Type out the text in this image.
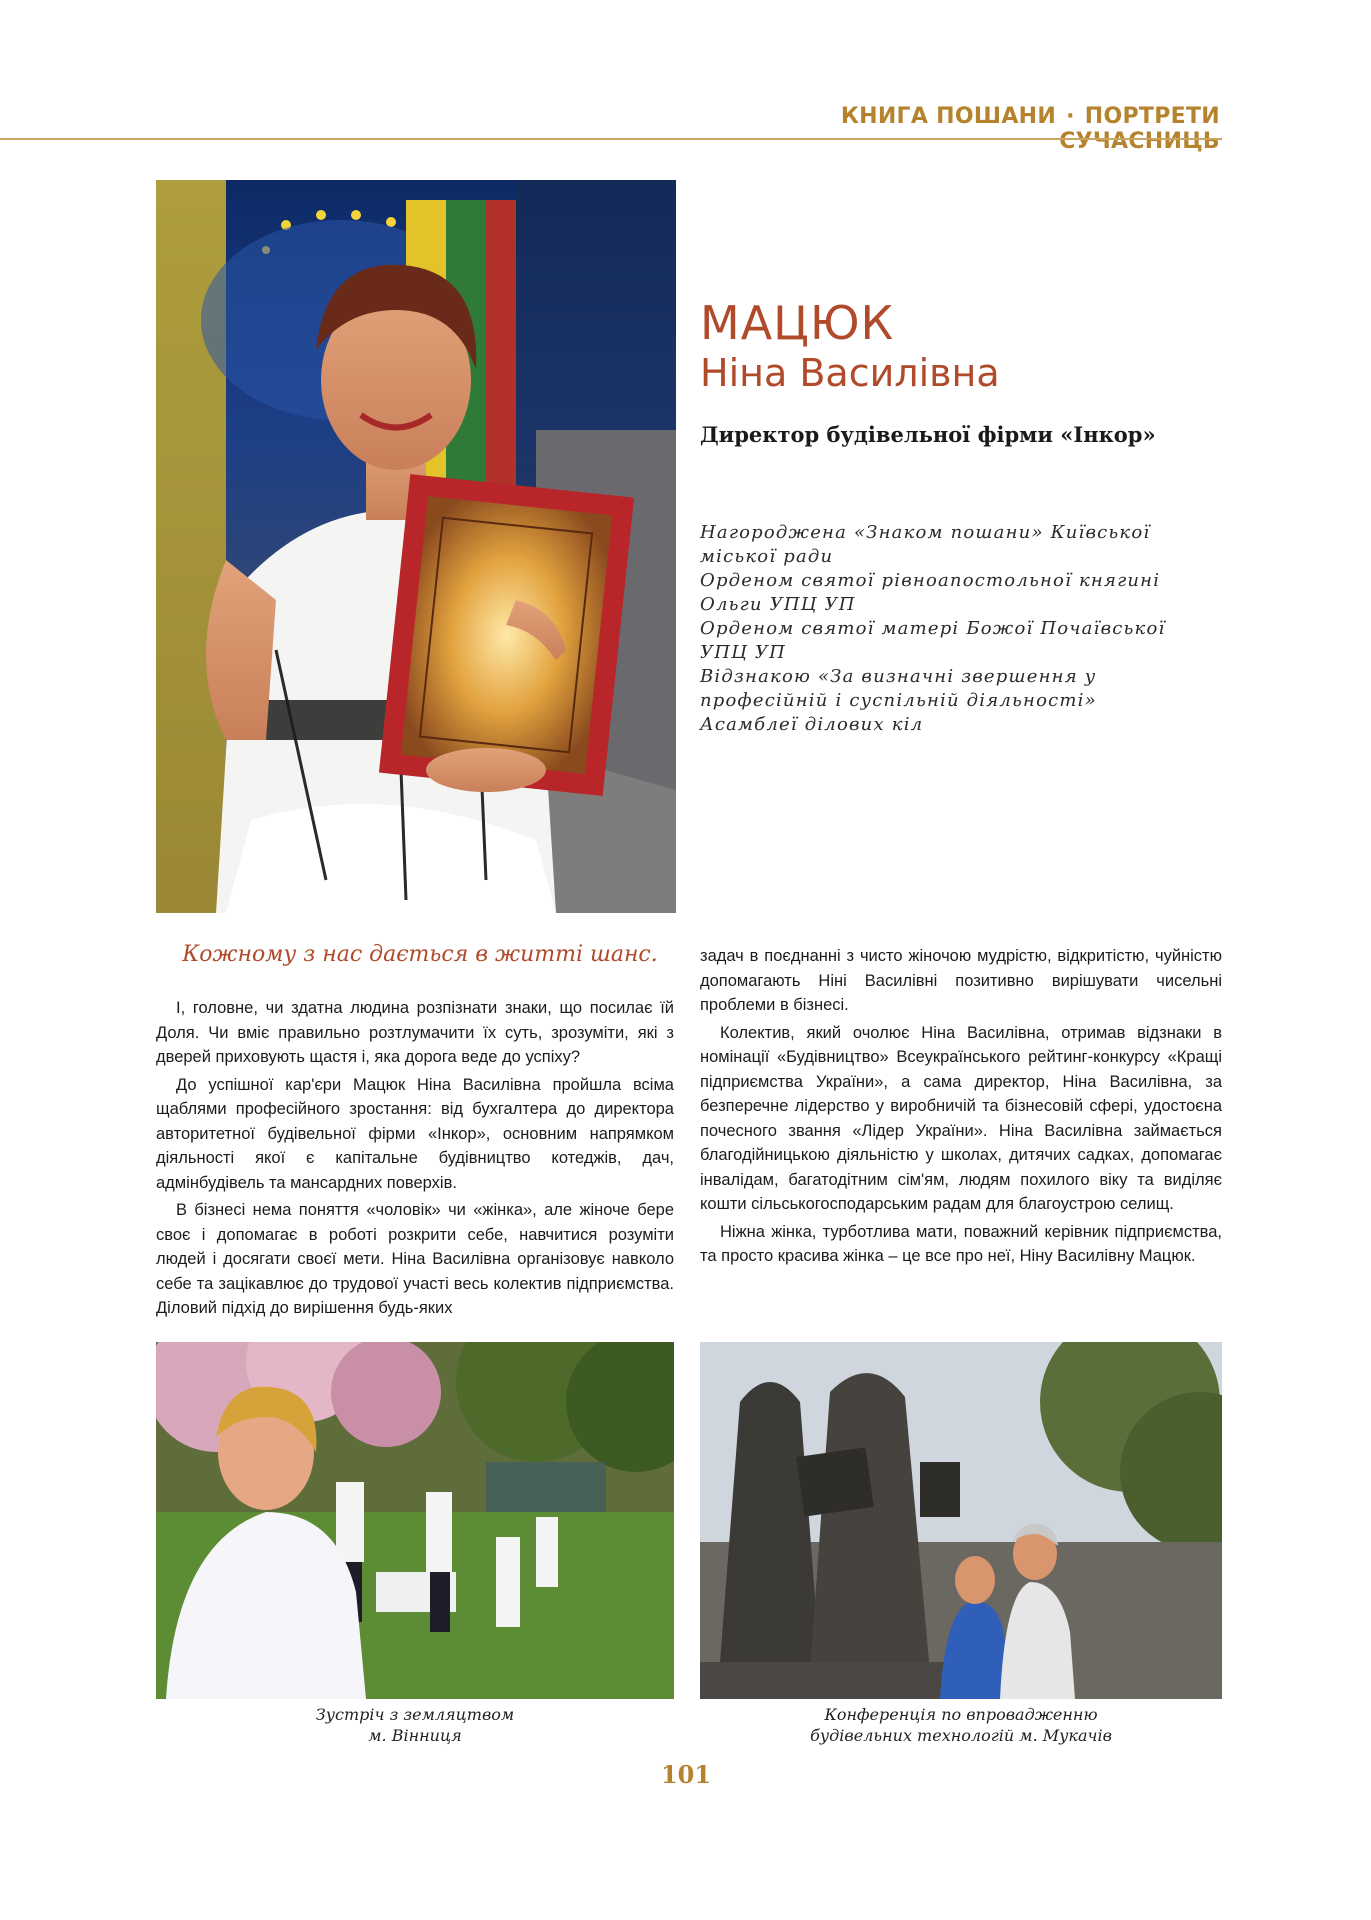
КНИГА ПОШАНИ · ПОРТРЕТИ СУЧАСНИЦЬ
МАЦЮК
Ніна Василівна
Директор будівельної фірми «Інкор»

Нагороджена «Знаком пошани» Київської міської ради

Орденом святої рівноапостольної княгині Ольги УПЦ УП

Орденом святої матері Божої Почаївської УПЦ УП

Відзнакою «За визначні звершення у професійній і суспільній діяльності» Асамблеї ділових кіл

Кожному з нас дається в житті шанс.

І, головне, чи здатна людина розпізнати знаки, що посилає їй Доля. Чи вміє правильно розтлумачити їх суть, зрозуміти, які з дверей приховують щастя і, яка дорога веде до успіху?

До успішної кар'єри Мацюк Ніна Василівна пройшла всіма щаблями професійного зростання: від бухгалтера до директора авторитетної будівельної фірми «Інкор», основним напрямком діяльності якої є капітальне будівництво котеджів, дач, адмінбудівель та мансардних поверхів.

В бізнесі нема поняття «чоловік» чи «жінка», але жіноче бере своє і допомагає в роботі розкрити себе, навчитися розуміти людей і досягати своєї мети. Ніна Василівна організовує навколо себе та зацікавлює до трудової участі весь колектив підприємства. Діловий підхід до вирішення будь-яких

задач в поєднанні з чисто жіночою мудрістю, відкритістю, чуйністю допомагають Ніні Василівні позитивно вирішувати чисельні проблеми в бізнесі.

Колектив, який очолює Ніна Василівна, отримав відзнаки в номінації «Будівництво» Всеукраїнського рейтинг-конкурсу «Кращі підприємства України», а сама директор, Ніна Василівна, за безперечне лідерство у виробничій та бізнесовій сфері, удостоєна почесного звання «Лідер України». Ніна Василівна займається благодійницькою діяльністю у школах, дитячих садках, допомагає інвалідам, багатодітним сім'ям, людям похилого віку та виділяє кошти сільськогосподарським радам для благоустрою селищ.

Ніжна жінка, турботлива мати, поважний керівник підприємства, та просто красива жінка – це все про неї, Ніну Василівну Мацюк.

Зустріч з земляцтвом
м. Вінниця
Конференція по впровадженню
будівельних технологій м. Мукачів
101
